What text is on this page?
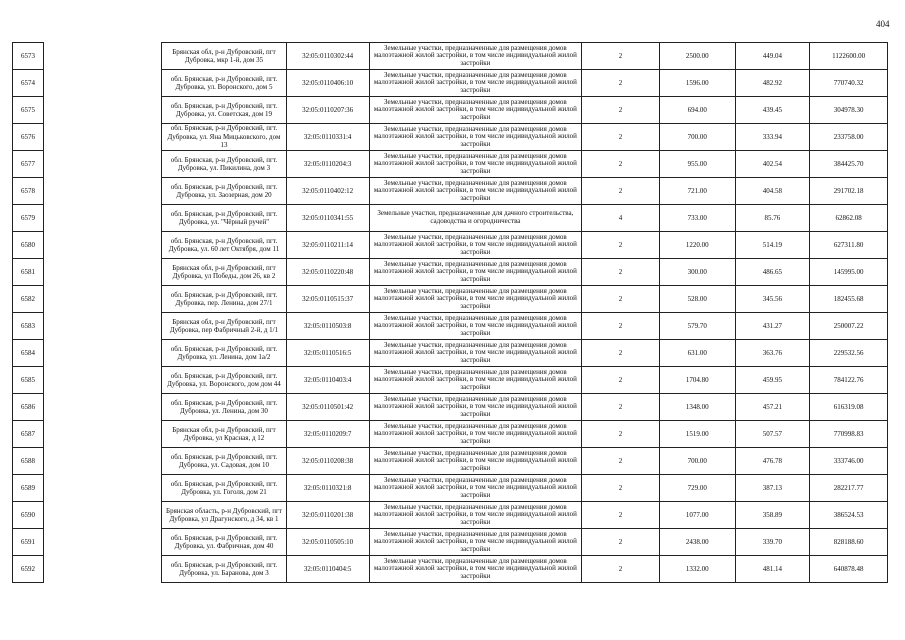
404
6573		Брянская обл, р-н Дубровский, пгт Дубровка, мкр 1-й, дом 35	32:05:0110302:44	Земельные участки, предназначенные для размещения домов малоэтажной жилой застройки, в том числе индивидуальной жилой застройки	2	2500.00	449.04	1122600.00
6574		обл. Брянская, р-н Дубровский, пгт. Дубровка, ул. Воронского, дом 5	32:05:0110406:10	Земельные участки, предназначенные для размещения домов малоэтажной жилой застройки, в том числе индивидуальной жилой застройки	2	1596.00	482.92	770740.32
6575		обл. Брянская, р-н Дубровский, пгт. Дубровка, ул. Советская, дом 19	32:05:0110207:36	Земельные участки, предназначенные для размещения домов малоэтажной жилой застройки, в том числе индивидуальной жилой застройки	2	694.00	439.45	304978.30
6576		обл. Брянская, р-н Дубровский, пгт. Дубровка, ул. Яна Мицьковского, дом 13	32:05:0110331:4	Земельные участки, предназначенные для размещения домов малоэтажной жилой застройки, в том числе индивидуальной жилой застройки	2	700.00	333.94	233758.00
6577		обл. Брянская, р-н Дубровский, пгт. Дубровка, ул. Пикилина, дом 3	32:05:0110204:3	Земельные участки, предназначенные для размещения домов малоэтажной жилой застройки, в том числе индивидуальной жилой застройки	2	955.00	402.54	384425.70
6578		обл. Брянская, р-н Дубровский, пгт. Дубровка, ул. Заозерная, дом 20	32:05:0110402:12	Земельные участки, предназначенные для размещения домов малоэтажной жилой застройки, в том числе индивидуальной жилой застройки	2	721.00	404.58	291702.18
6579		обл. Брянская, р-н Дубровский, пгт. Дубровка, ул. "Чёрный ручей"	32:05:0110341:55	Земельные участки, предназначенные для дачного строительства, садоводства и огородничества	4	733.00	85.76	62862.08
6580		обл. Брянская, р-н Дубровский, пгт. Дубровка, ул. 60 лет Октября, дом 11	32:05:0110211:14	Земельные участки, предназначенные для размещения домов малоэтажной жилой застройки, в том числе индивидуальной жилой застройки	2	1220.00	514.19	627311.80
6581		Брянская обл, р-н Дубровский, пгт Дубровка, ул Победы, дом 26, кв 2	32:05:0110220:48	Земельные участки, предназначенные для размещения домов малоэтажной жилой застройки, в том числе индивидуальной жилой застройки	2	300.00	486.65	145995.00
6582		обл. Брянская, р-н Дубровский, пгт. Дубровка, пер. Ленина, дом 27/1	32:05:0110515:37	Земельные участки, предназначенные для размещения домов малоэтажной жилой застройки, в том числе индивидуальной жилой застройки	2	528.00	345.56	182455.68
6583		Брянская обл, р-н Дубровский, пгт Дубровка, пер Фабричный 2-й, д 1/1	32:05:0110503:8	Земельные участки, предназначенные для размещения домов малоэтажной жилой застройки, в том числе индивидуальной жилой застройки	2	579.70	431.27	250007.22
6584		обл. Брянская, р-н Дубровский, пгт. Дубровка, ул. Ленина, дом 1а/2	32:05:0110516:5	Земельные участки, предназначенные для размещения домов малоэтажной жилой застройки, в том числе индивидуальной жилой застройки	2	631.00	363.76	229532.56
6585		обл. Брянская, р-н Дубровский, пгт. Дубровка, ул. Воронского, дом дом 44	32:05:0110403:4	Земельные участки, предназначенные для размещения домов малоэтажной жилой застройки, в том числе индивидуальной жилой застройки	2	1704.80	459.95	784122.76
6586		обл. Брянская, р-н Дубровский, пгт. Дубровка, ул. Ленина, дом 30	32:05:0110501:42	Земельные участки, предназначенные для размещения домов малоэтажной жилой застройки, в том числе индивидуальной жилой застройки	2	1348.00	457.21	616319.08
6587		Брянская обл, р-н Дубровский, пгт Дубровка, ул Красная, д 12	32:05:0110209:7	Земельные участки, предназначенные для размещения домов малоэтажной жилой застройки, в том числе индивидуальной жилой застройки	2	1519.00	507.57	770998.83
6588		обл. Брянская, р-н Дубровский, пгт. Дубровка, ул. Садовая, дом 10	32:05:0110208:38	Земельные участки, предназначенные для размещения домов малоэтажной жилой застройки, в том числе индивидуальной жилой застройки	2	700.00	476.78	333746.00
6589		обл. Брянская, р-н Дубровский, пгт. Дубровка, ул. Гоголя, дом 21	32:05:0110321:8	Земельные участки, предназначенные для размещения домов малоэтажной жилой застройки, в том числе индивидуальной жилой застройки	2	729.00	387.13	282217.77
6590		Брянская область, р-н Дубровский, пгт Дубровка, ул Драгунского, д 34, кв 1	32:05:0110201:38	Земельные участки, предназначенные для размещения домов малоэтажной жилой застройки, в том числе индивидуальной жилой застройки	2	1077.00	358.89	386524.53
6591		обл. Брянская, р-н Дубровский, пгт. Дубровка, ул. Фабричная, дом 40	32:05:0110505:10	Земельные участки, предназначенные для размещения домов малоэтажной жилой застройки, в том числе индивидуальной жилой застройки	2	2438.00	339.70	828188.60
6592		обл. Брянская, р-н Дубровский, пгт. Дубровка, ул. Баранова, дом 3	32:05:0110404:5	Земельные участки, предназначенные для размещения домов малоэтажной жилой застройки, в том числе индивидуальной жилой застройки	2	1332.00	481.14	640878.48
